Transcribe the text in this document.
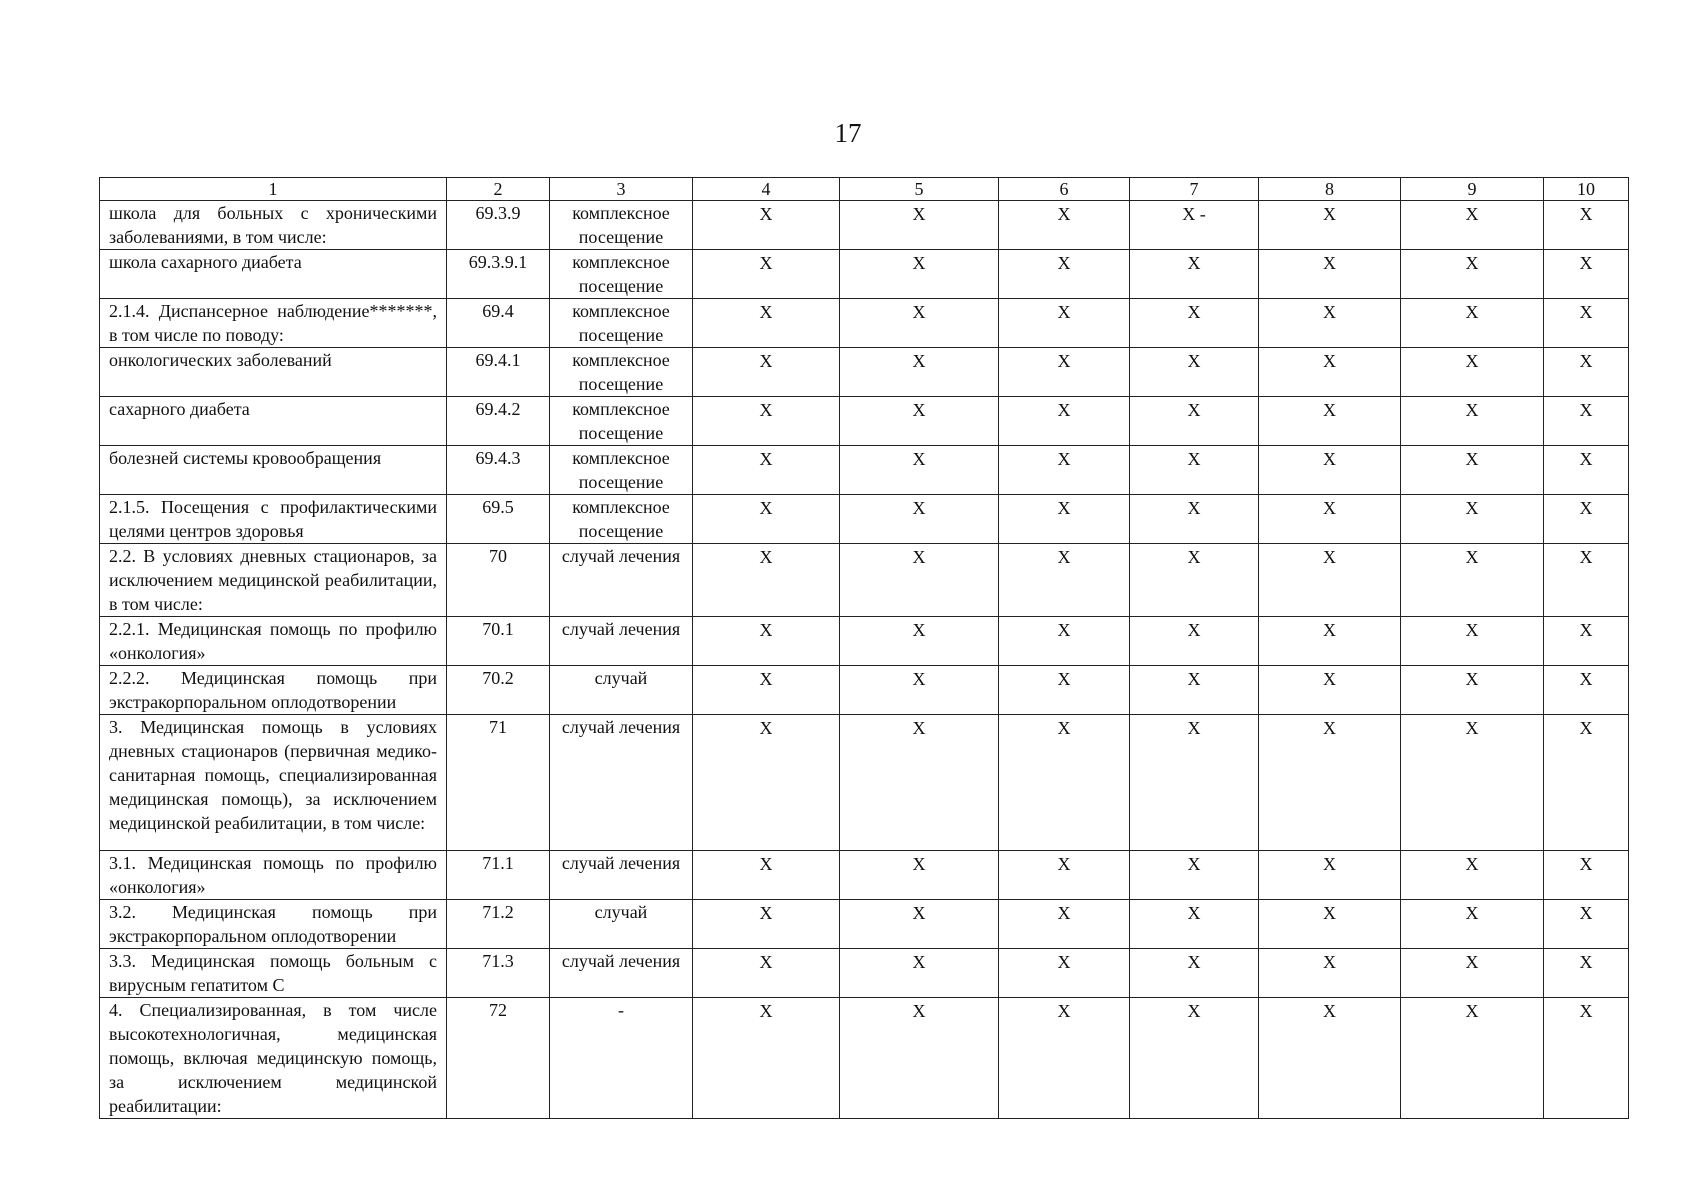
17
1	2	3	4	5	6	7	8	9	10
школа для больных с хроническими заболеваниями, в том числе:	69.3.9	комплексное посещение	X	X	X	X -	X	X	X
школа сахарного диабета	69.3.9.1	комплексное посещение	X	X	X	X	X	X	X
2.1.4. Диспансерное наблюдение*******, в том числе по поводу:	69.4	комплексное посещение	X	X	X	X	X	X	X
онкологических заболеваний	69.4.1	комплексное посещение	X	X	X	X	X	X	X
сахарного диабета	69.4.2	комплексное посещение	X	X	X	X	X	X	X
болезней системы кровообращения	69.4.3	комплексное посещение	X	X	X	X	X	X	X
2.1.5. Посещения с профилактическими целями центров здоровья	69.5	комплексное посещение	X	X	X	X	X	X	X
2.2. В условиях дневных стационаров, за исключением медицинской реабилитации, в том числе:	70	случай лечения	X	X	X	X	X	X	X
2.2.1. Медицинская помощь по профилю «онкология»	70.1	случай лечения	X	X	X	X	X	X	X
2.2.2. Медицинская помощь при экстракорпоральном оплодотворении	70.2	случай	X	X	X	X	X	X	X
3. Медицинская помощь в условиях дневных стационаров (первичная медико-санитарная помощь, специализированная медицинская помощь), за исключением медицинской реабилитации, в том числе:	71	случай лечения	X	X	X	X	X	X	X
3.1. Медицинская помощь по профилю «онкология»	71.1	случай лечения	X	X	X	X	X	X	X
3.2. Медицинская помощь при экстракорпоральном оплодотворении	71.2	случай	X	X	X	X	X	X	X
3.3. Медицинская помощь больным с вирусным гепатитом С	71.3	случай лечения	X	X	X	X	X	X	X
4. Специализированная, в том числе высокотехнологичная, медицинская помощь, включая медицинскую помощь, за исключением медицинской реабилитации:	72	-	X	X	X	X	X	X	X
